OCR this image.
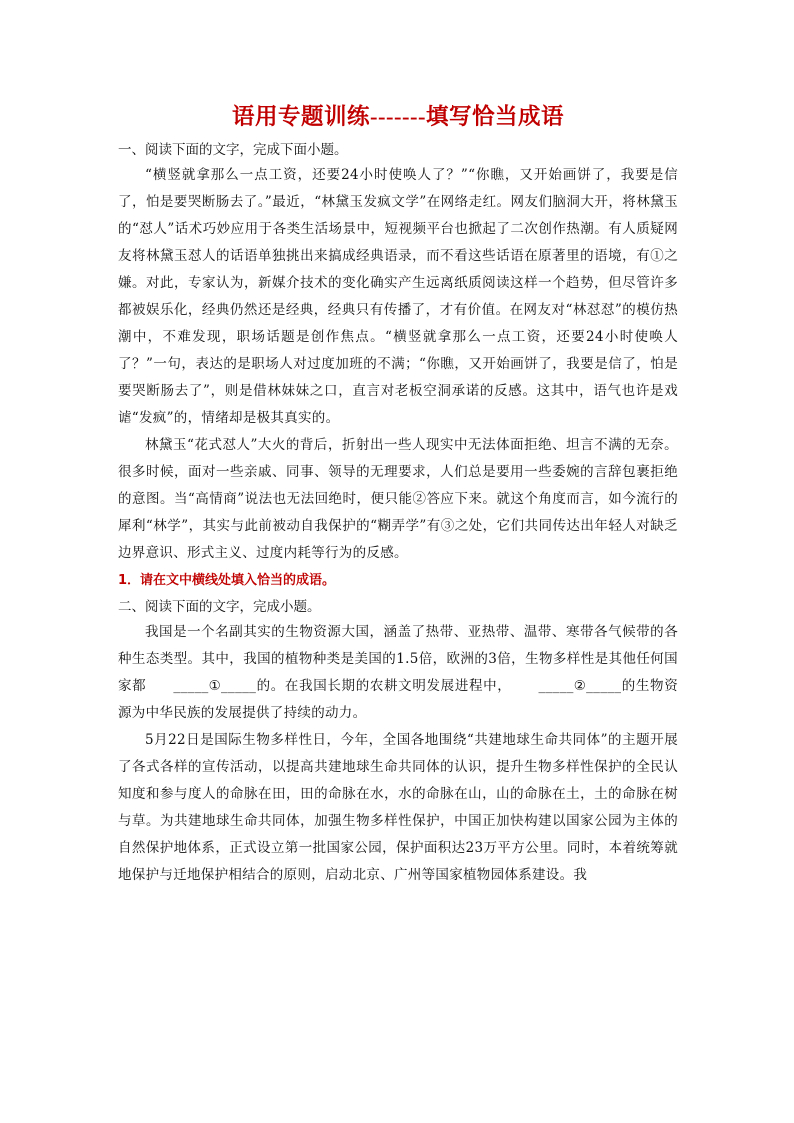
语用专题训练-------填写恰当成语

一、阅读下面的文字，完成下面小题。

“横竖就拿那么一点工资，还要24小时使唤人了？”“你瞧，又开始画饼了，我要是信了，怕是要哭断肠去了。”最近，“林黛玉发疯文学”在网络走红。网友们脑洞大开，将林黛玉的“怼人”话术巧妙应用于各类生活场景中，短视频平台也掀起了二次创作热潮。有人质疑网友将林黛玉怼人的话语单独挑出来搞成经典语录，而不看这些话语在原著里的语境，有①之嫌。对此，专家认为，新媒介技术的变化确实产生远离纸质阅读这样一个趋势，但尽管许多都被娱乐化，经典仍然还是经典，经典只有传播了，才有价值。在网友对“林怼怼”的模仿热潮中，不难发现，职场话题是创作焦点。“横竖就拿那么一点工资，还要24小时使唤人了？”一句，表达的是职场人对过度加班的不满；“你瞧，又开始画饼了，我要是信了，怕是要哭断肠去了”，则是借林妹妹之口，直言对老板空洞承诺的反感。这其中，语气也许是戏谑“发疯”的，情绪却是极其真实的。

林黛玉“花式怼人”大火的背后，折射出一些人现实中无法体面拒绝、坦言不满的无奈。很多时候，面对一些亲戚、同事、领导的无理要求，人们总是要用一些委婉的言辞包裹拒绝的意图。当“高情商”说法也无法回绝时，便只能②答应下来。就这个角度而言，如今流行的犀利“林学”，其实与此前被动自我保护的“糊弄学”有③之处，它们共同传达出年轻人对缺乏边界意识、形式主义、过度内耗等行为的反感。

1．请在文中横线处填入恰当的成语。

二、阅读下面的文字，完成小题。

我国是一个名副其实的生物资源大国，涵盖了热带、亚热带、温带、寒带各气候带的各种生态类型。其中，我国的植物种类是美国的1.5倍，欧洲的3倍，生物多样性是其他任何国家都 _____①_____的。在我国长期的农耕文明发展进程中， _____②_____的生物资源为中华民族的发展提供了持续的动力。

5月22日是国际生物多样性日，今年，全国各地围绕“共建地球生命共同体”的主题开展了各式各样的宣传活动，以提高共建地球生命共同体的认识，提升生物多样性保护的全民认知度和参与度人的命脉在田，田的命脉在水，水的命脉在山，山的命脉在土，土的命脉在树与草。为共建地球生命共同体，加强生物多样性保护，中国正加快构建以国家公园为主体的自然保护地体系，正式设立第一批国家公园，保护面积达23万平方公里。同时，本着统筹就地保护与迁地保护相结合的原则，启动北京、广州等国家植物园体系建设。我
